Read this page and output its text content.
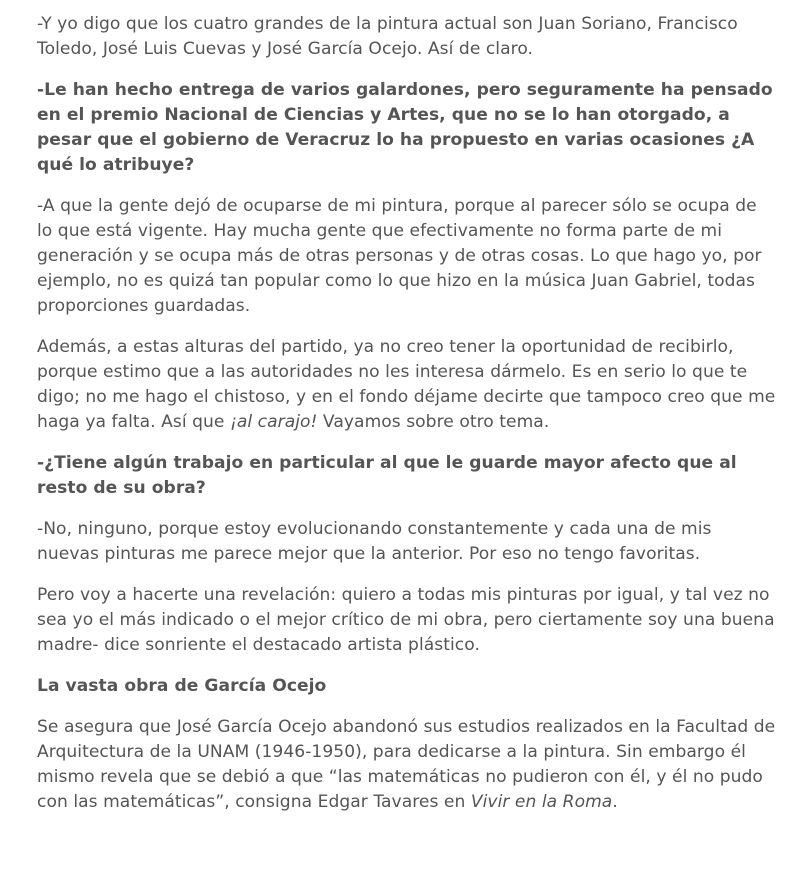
-Y yo digo que los cuatro grandes de la pintura actual son Juan Soriano, Francisco Toledo, José Luis Cuevas y José García Ocejo. Así de claro.

-Le han hecho entrega de varios galardones, pero seguramente ha pensado en el premio Nacional de Ciencias y Artes, que no se lo han otorgado, a pesar que el gobierno de Veracruz lo ha propuesto en varias ocasiones ¿A qué lo atribuye?

-A que la gente dejó de ocuparse de mi pintura, porque al parecer sólo se ocupa de lo que está vigente. Hay mucha gente que efectivamente no forma parte de mi generación y se ocupa más de otras personas y de otras cosas. Lo que hago yo, por ejemplo, no es quizá tan popular como lo que hizo en la música Juan Gabriel, todas proporciones guardadas.

Además, a estas alturas del partido, ya no creo tener la oportunidad de recibirlo, porque estimo que a las autoridades no les interesa dármelo. Es en serio lo que te digo; no me hago el chistoso, y en el fondo déjame decirte que tampoco creo que me haga ya falta. Así que ¡al carajo! Vayamos sobre otro tema.

-¿Tiene algún trabajo en particular al que le guarde mayor afecto que al resto de su obra?

-No, ninguno, porque estoy evolucionando constantemente y cada una de mis nuevas pinturas me parece mejor que la anterior. Por eso no tengo favoritas.

Pero voy a hacerte una revelación: quiero a todas mis pinturas por igual, y tal vez no sea yo el más indicado o el mejor crítico de mi obra, pero ciertamente soy una buena madre- dice sonriente el destacado artista plástico.

La vasta obra de García Ocejo

Se asegura que José García Ocejo abandonó sus estudios realizados en la Facultad de Arquitectura de la UNAM (1946-1950), para dedicarse a la pintura. Sin embargo él mismo revela que se debió a que “las matemáticas no pudieron con él, y él no pudo con las matemáticas”, consigna Edgar Tavares en Vivir en la Roma.
